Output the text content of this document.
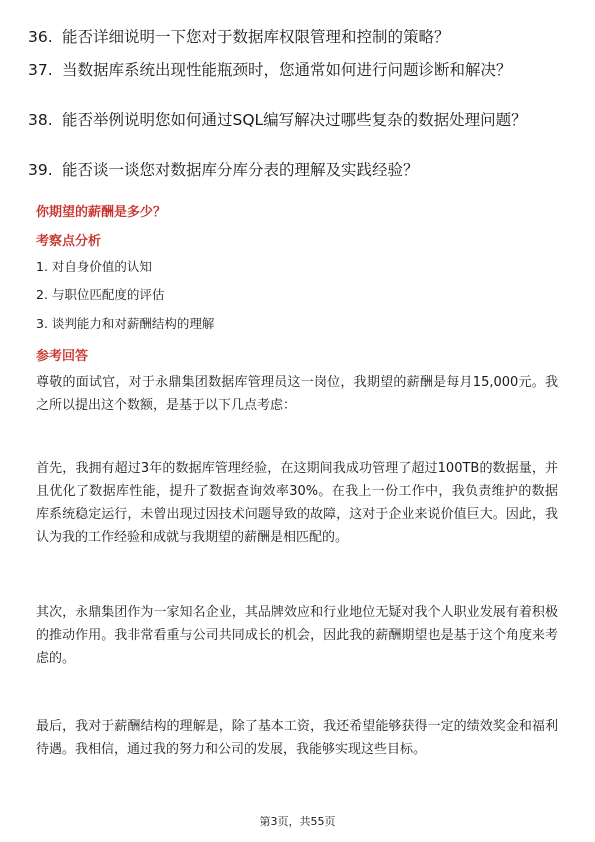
36. 能否详细说明一下您对于数据库权限管理和控制的策略？
37. 当数据库系统出现性能瓶颈时，您通常如何进行问题诊断和解决？
38. 能否举例说明您如何通过SQL编写解决过哪些复杂的数据处理问题？
39. 能否谈一谈您对数据库分库分表的理解及实践经验？
你期望的薪酬是多少？
考察点分析
1. 对自身价值的认知
2. 与职位匹配度的评估
3. 谈判能力和对薪酬结构的理解
参考回答

尊敬的面试官，对于永鼎集团数据库管理员这一岗位，我期望的薪酬是每月15,000元。我之所以提出这个数额，是基于以下几点考虑：

首先，我拥有超过3年的数据库管理经验，在这期间我成功管理了超过100TB的数据量，并且优化了数据库性能，提升了数据查询效率30%。在我上一份工作中，我负责维护的数据库系统稳定运行，未曾出现过因技术问题导致的故障，这对于企业来说价值巨大。因此，我认为我的工作经验和成就与我期望的薪酬是相匹配的。

其次，永鼎集团作为一家知名企业，其品牌效应和行业地位无疑对我个人职业发展有着积极的推动作用。我非常看重与公司共同成长的机会，因此我的薪酬期望也是基于这个角度来考虑的。

最后，我对于薪酬结构的理解是，除了基本工资，我还希望能够获得一定的绩效奖金和福利待遇。我相信，通过我的努力和公司的发展，我能够实现这些目标。

第3页，共55页
